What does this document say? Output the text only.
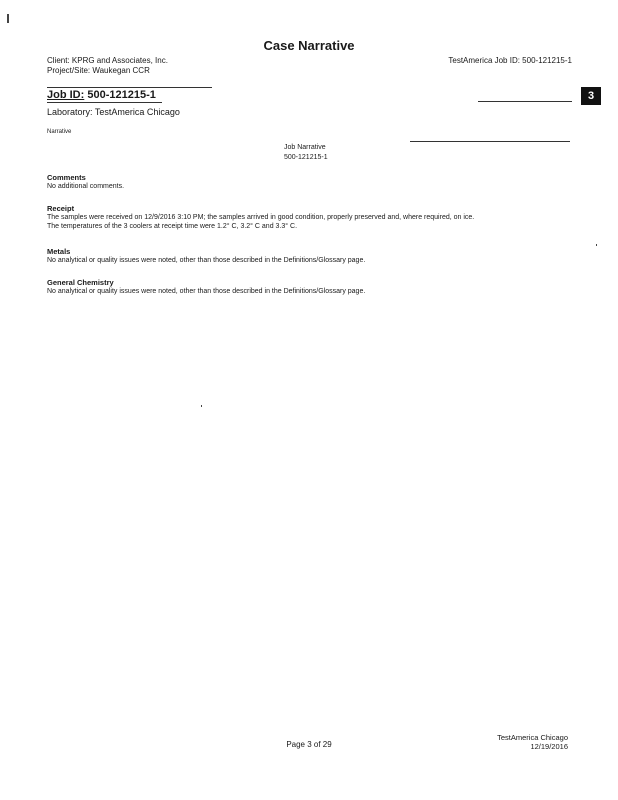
Case Narrative
Client: KPRG and Associates, Inc.
Project/Site: Waukegan CCR
TestAmerica Job ID: 500-121215-1
Job ID: 500-121215-1	3
Laboratory: TestAmerica Chicago
Narrative
Job Narrative
500-121215-1
Comments
No additional comments.
Receipt
The samples were received on 12/9/2016 3:10 PM; the samples arrived in good condition, properly preserved and, where required, on ice.
The temperatures of the 3 coolers at receipt time were 1.2° C, 3.2° C and 3.3° C.
Metals
No analytical or quality issues were noted, other than those described in the Definitions/Glossary page.
General Chemistry
No analytical or quality issues were noted, other than those described in the Definitions/Glossary page.
Page 3 of 29
TestAmerica Chicago
12/19/2016
